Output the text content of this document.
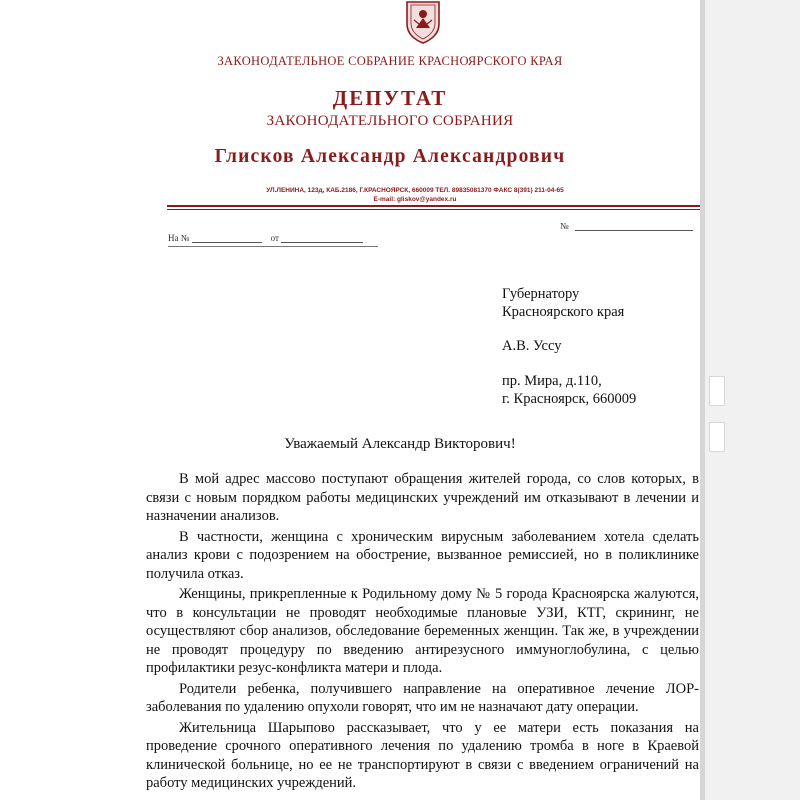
ЗАКОНОДАТЕЛЬНОЕ СОБРАНИЕ КРАСНОЯРСКОГО КРАЯ
ДЕПУТАТ
ЗАКОНОДАТЕЛЬНОГО СОБРАНИЯ
Глисков Александр Александрович
УЛ.ЛЕНИНА, 123д, КАБ.2186, Г.КРАСНОЯРСК, 660009 ТЕЛ. 89835081370 ФАКС 8(391) 211-04-65
E-mail: gliskov@yandex.ru
№
На №	от
Губернатору
Красноярского края
А.В. Уссу
пр. Мира, д.110,
г. Красноярск, 660009
Уважаемый Александр Викторович!

В мой адрес массово поступают обращения жителей города, со слов которых, в связи с новым порядком работы медицинских учреждений им отказывают в лечении и назначении анализов.

В частности, женщина с хроническим вирусным заболеванием хотела сделать анализ крови с подозрением на обострение, вызванное ремиссией, но в поликлинике получила отказ.

Женщины, прикрепленные к Родильному дому № 5 города Красноярска жалуются, что в консультации не проводят необходимые плановые УЗИ, КТГ, скрининг, не осуществляют сбор анализов, обследование беременных женщин. Так же, в учреждении не проводят процедуру по введению антирезусного иммуноглобулина, с целью профилактики резус-конфликта матери и плода.

Родители ребенка, получившего направление на оперативное лечение ЛОР-заболевания по удалению опухоли говорят, что им не назначают дату операции.

Жительница Шарыпово рассказывает, что у ее матери есть показания на проведение срочного оперативного лечения по удалению тромба в ноге в Краевой клинической больнице, но ее не транспортируют в связи с введением ограничений на работу медицинских учреждений.
